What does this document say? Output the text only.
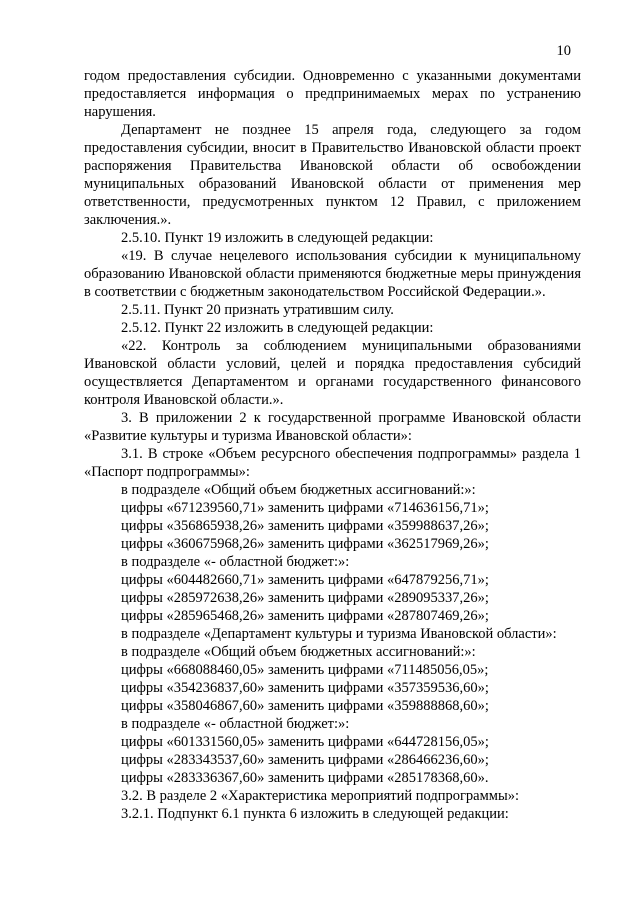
10

годом предоставления субсидии. Одновременно с указанными документами предоставляется информация о предпринимаемых мерах по устранению нарушения.

Департамент не позднее 15 апреля года, следующего за годом предоставления субсидии, вносит в Правительство Ивановской области проект распоряжения Правительства Ивановской области об освобождении муниципальных образований Ивановской области от применения мер ответственности, предусмотренных пунктом 12 Правил, с приложением заключения.».

2.5.10. Пункт 19 изложить в следующей редакции:

«19. В случае нецелевого использования субсидии к муниципальному образованию Ивановской области применяются бюджетные меры принуждения в соответствии с бюджетным законодательством Российской Федерации.».

2.5.11. Пункт 20 признать утратившим силу.

2.5.12. Пункт 22 изложить в следующей редакции:

«22. Контроль за соблюдением муниципальными образованиями Ивановской области условий, целей и порядка предоставления субсидий осуществляется Департаментом и органами государственного финансового контроля Ивановской области.».

3. В приложении 2 к государственной программе Ивановской области «Развитие культуры и туризма Ивановской области»:

3.1. В строке «Объем ресурсного обеспечения подпрограммы» раздела 1 «Паспорт подпрограммы»:

в подразделе «Общий объем бюджетных ассигнований:»:

цифры «671239560,71» заменить цифрами «714636156,71»;

цифры «356865938,26» заменить цифрами «359988637,26»;

цифры «360675968,26» заменить цифрами «362517969,26»;

в подразделе «- областной бюджет:»:

цифры «604482660,71» заменить цифрами «647879256,71»;

цифры «285972638,26» заменить цифрами «289095337,26»;

цифры «285965468,26» заменить цифрами «287807469,26»;

в подразделе «Департамент культуры и туризма Ивановской области»:

в подразделе «Общий объем бюджетных ассигнований:»:

цифры «668088460,05» заменить цифрами «711485056,05»;

цифры «354236837,60» заменить цифрами «357359536,60»;

цифры «358046867,60» заменить цифрами «359888868,60»;

в подразделе «- областной бюджет:»:

цифры «601331560,05» заменить цифрами «644728156,05»;

цифры «283343537,60» заменить цифрами «286466236,60»;

цифры «283336367,60» заменить цифрами «285178368,60».

3.2. В разделе 2 «Характеристика мероприятий подпрограммы»:

3.2.1. Подпункт 6.1 пункта 6 изложить в следующей редакции:
